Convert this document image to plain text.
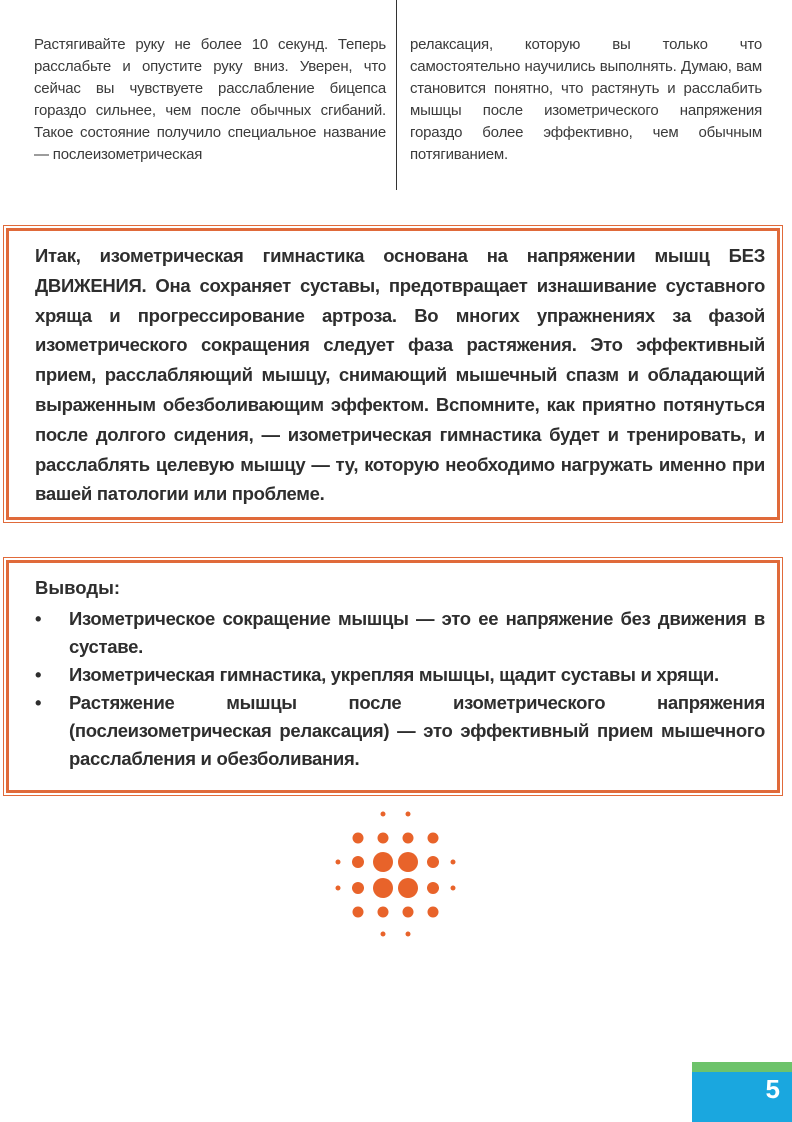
Растягивайте руку не более 10 секунд. Теперь расслабьте и опустите руку вниз. Уверен, что сейчас вы чувствуете расслабление бицепса гораздо сильнее, чем после обычных сгибаний. Такое состояние получило специальное название — послеизометрическая

релаксация, которую вы только что самостоятельно научились выполнять. Думаю, вам становится понятно, что растянуть и расслабить мышцы после изометрического напряжения гораздо более эффективно, чем обычным потягиванием.

Итак, изометрическая гимнастика основана на напряжении мышц БЕЗ ДВИЖЕНИЯ. Она сохраняет суставы, предотвращает изнашивание суставного хряща и прогрессирование артроза. Во многих упражнениях за фазой изометрического сокращения следует фаза растяжения. Это эффективный прием, расслабляющий мышцу, снимающий мышечный спазм и обладающий выраженным обезболивающим эффектом. Вспомните, как приятно потянуться после долгого сидения, — изометрическая гимнастика будет и тренировать, и расслаблять целевую мышцу — ту, которую необходимо нагружать именно при вашей патологии или проблеме.
Выводы:
• Изометрическое сокращение мышцы — это ее напряжение без движения в суставе.
• Изометрическая гимнастика, укрепляя мышцы, щадит суставы и хрящи.
• Растяжение мышцы после изометрического напряжения (послеизометрическая релаксация) — это эффективный прием мышечного расслабления и обезболивания.
5
